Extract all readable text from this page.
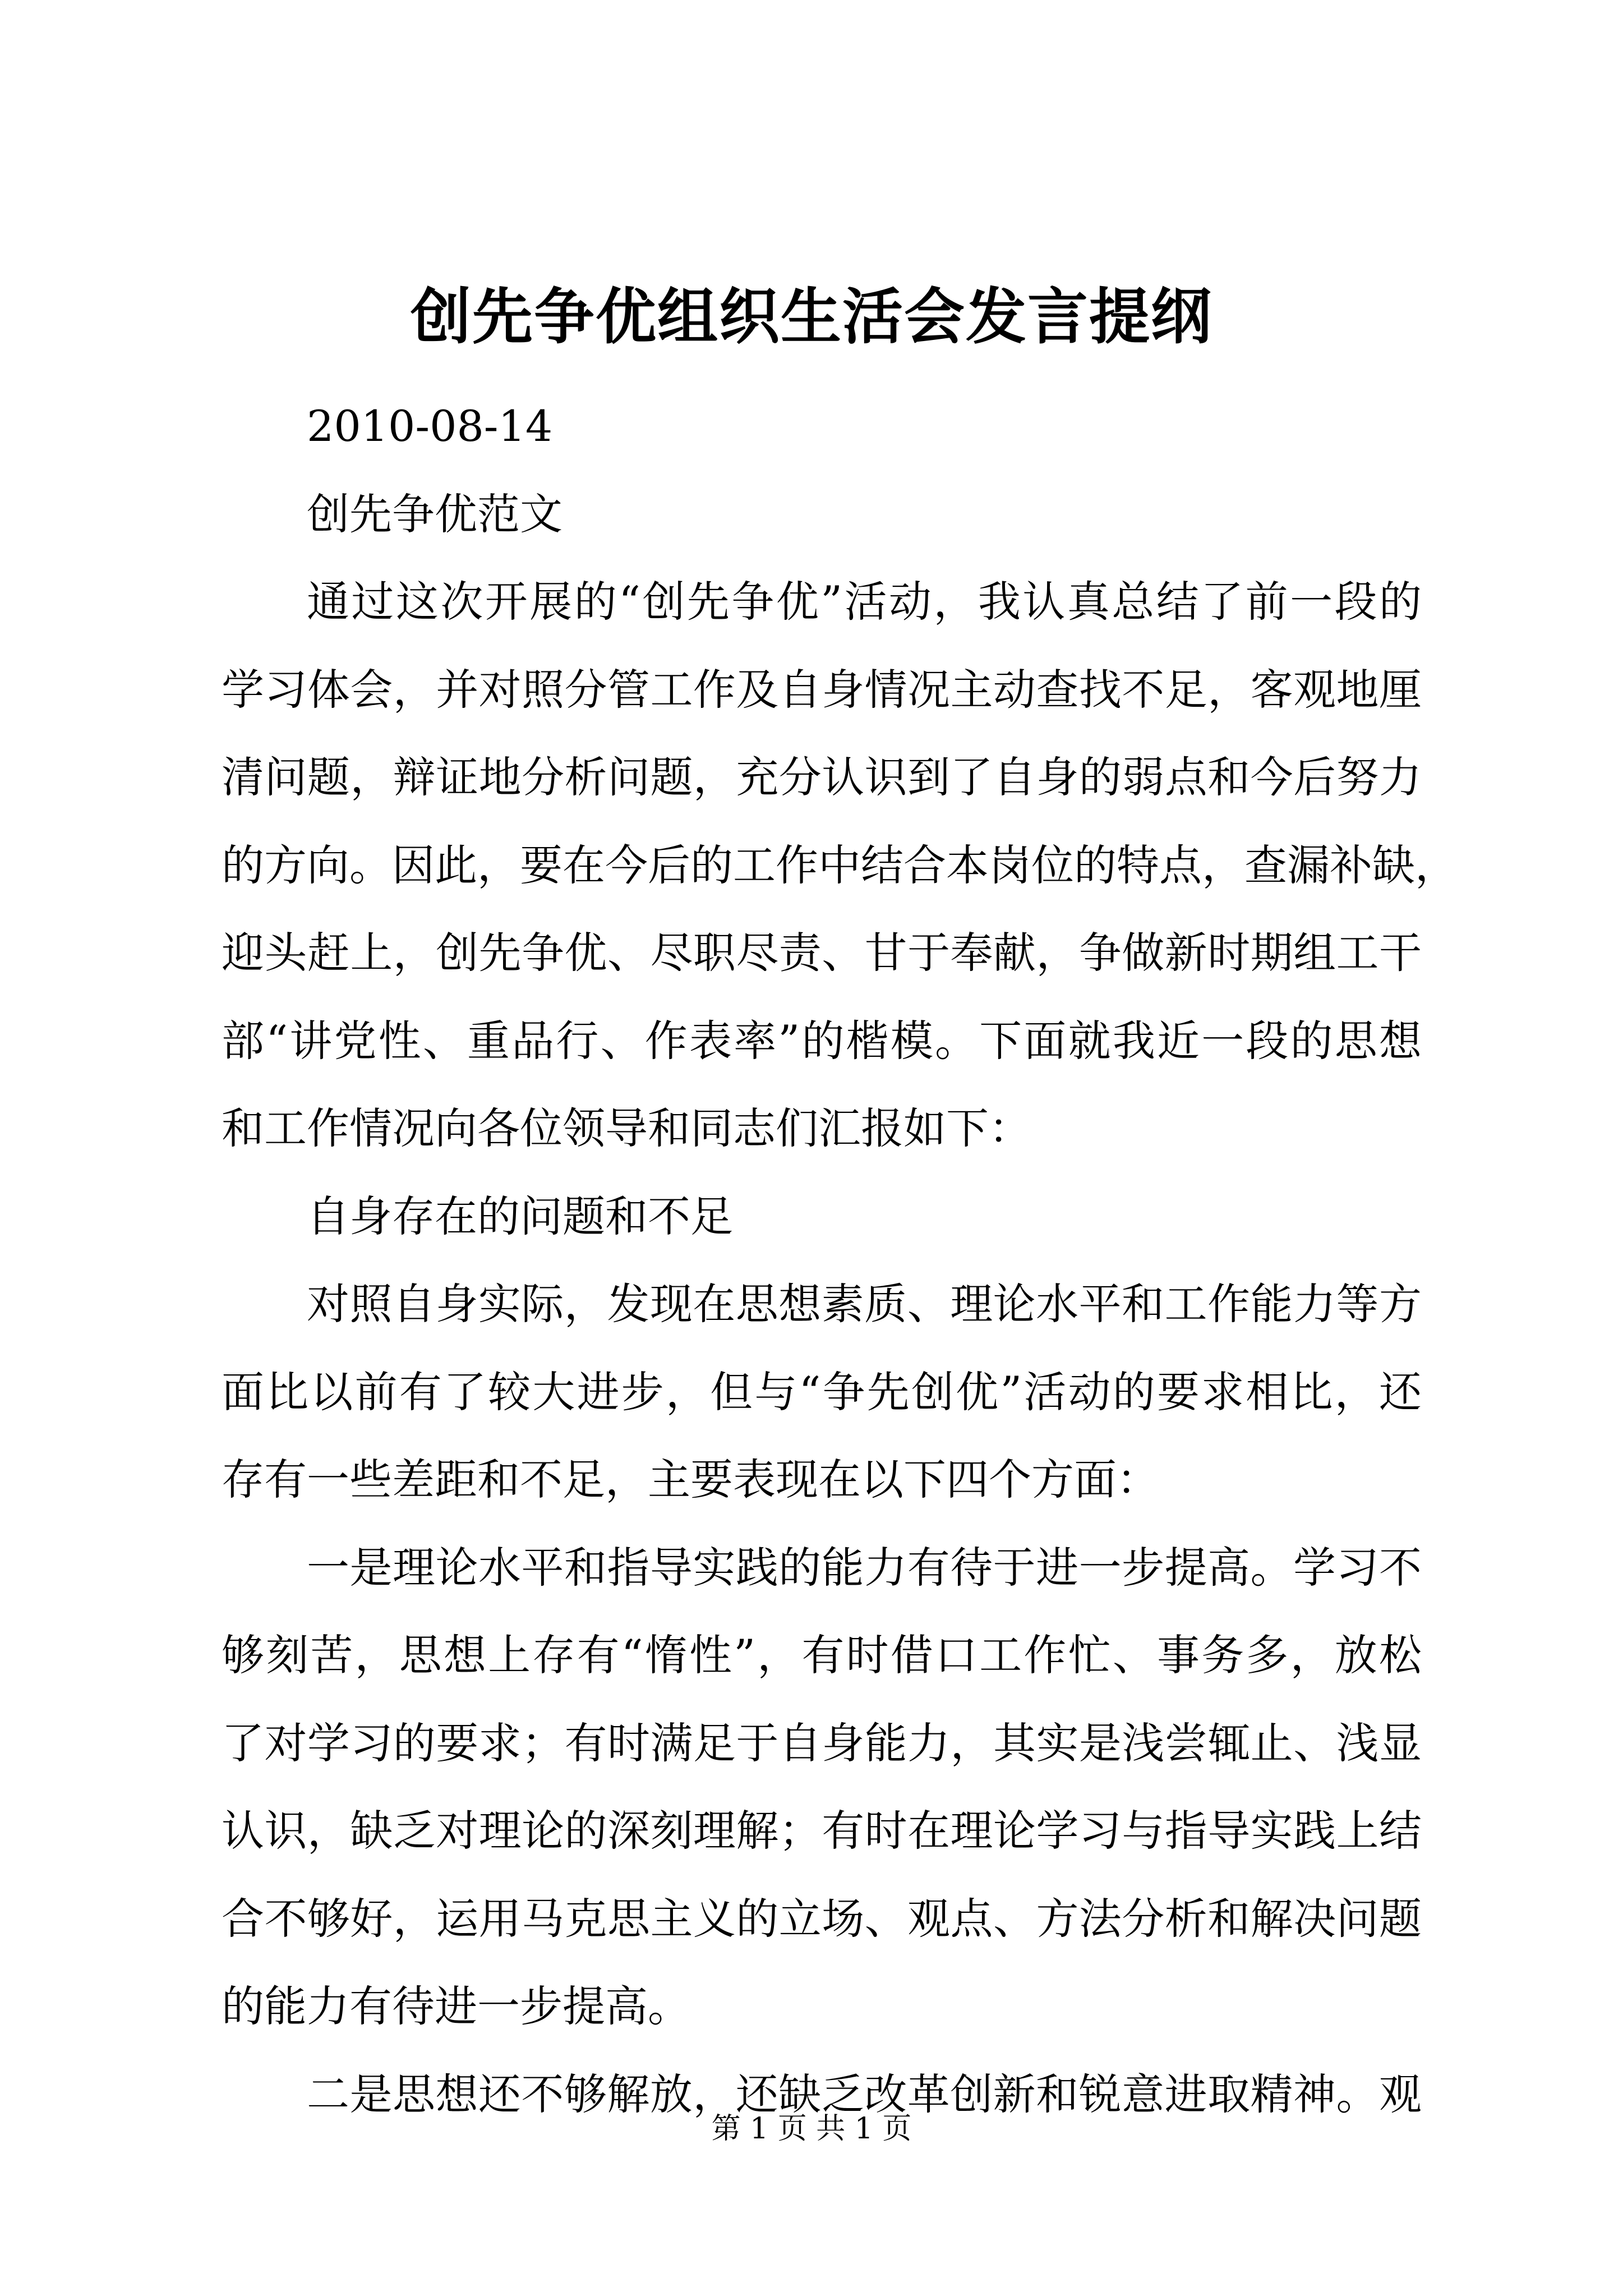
创先争优组织生活会发言提纲
2010-08-14
创先争优范文
通过这次开展的“创先争优”活动，我认真总结了前一段的
学习体会，并对照分管工作及自身情况主动查找不足，客观地厘
清问题，辩证地分析问题，充分认识到了自身的弱点和今后努力
的方向。因此，要在今后的工作中结合本岗位的特点，查漏补缺，
迎头赶上，创先争优、尽职尽责、甘于奉献，争做新时期组工干
部“讲党性、重品行、作表率”的楷模。下面就我近一段的思想
和工作情况向各位领导和同志们汇报如下：
自身存在的问题和不足
对照自身实际，发现在思想素质、理论水平和工作能力等方
面比以前有了较大进步，但与“争先创优”活动的要求相比，还
存有一些差距和不足，主要表现在以下四个方面：
一是理论水平和指导实践的能力有待于进一步提高。学习不
够刻苦，思想上存有“惰性”，有时借口工作忙、事务多，放松
了对学习的要求；有时满足于自身能力，其实是浅尝辄止、浅显
认识，缺乏对理论的深刻理解；有时在理论学习与指导实践上结
合不够好，运用马克思主义的立场、观点、方法分析和解决问题
的能力有待进一步提高。
二是思想还不够解放，还缺乏改革创新和锐意进取精神。观
第 1 页 共 1 页
